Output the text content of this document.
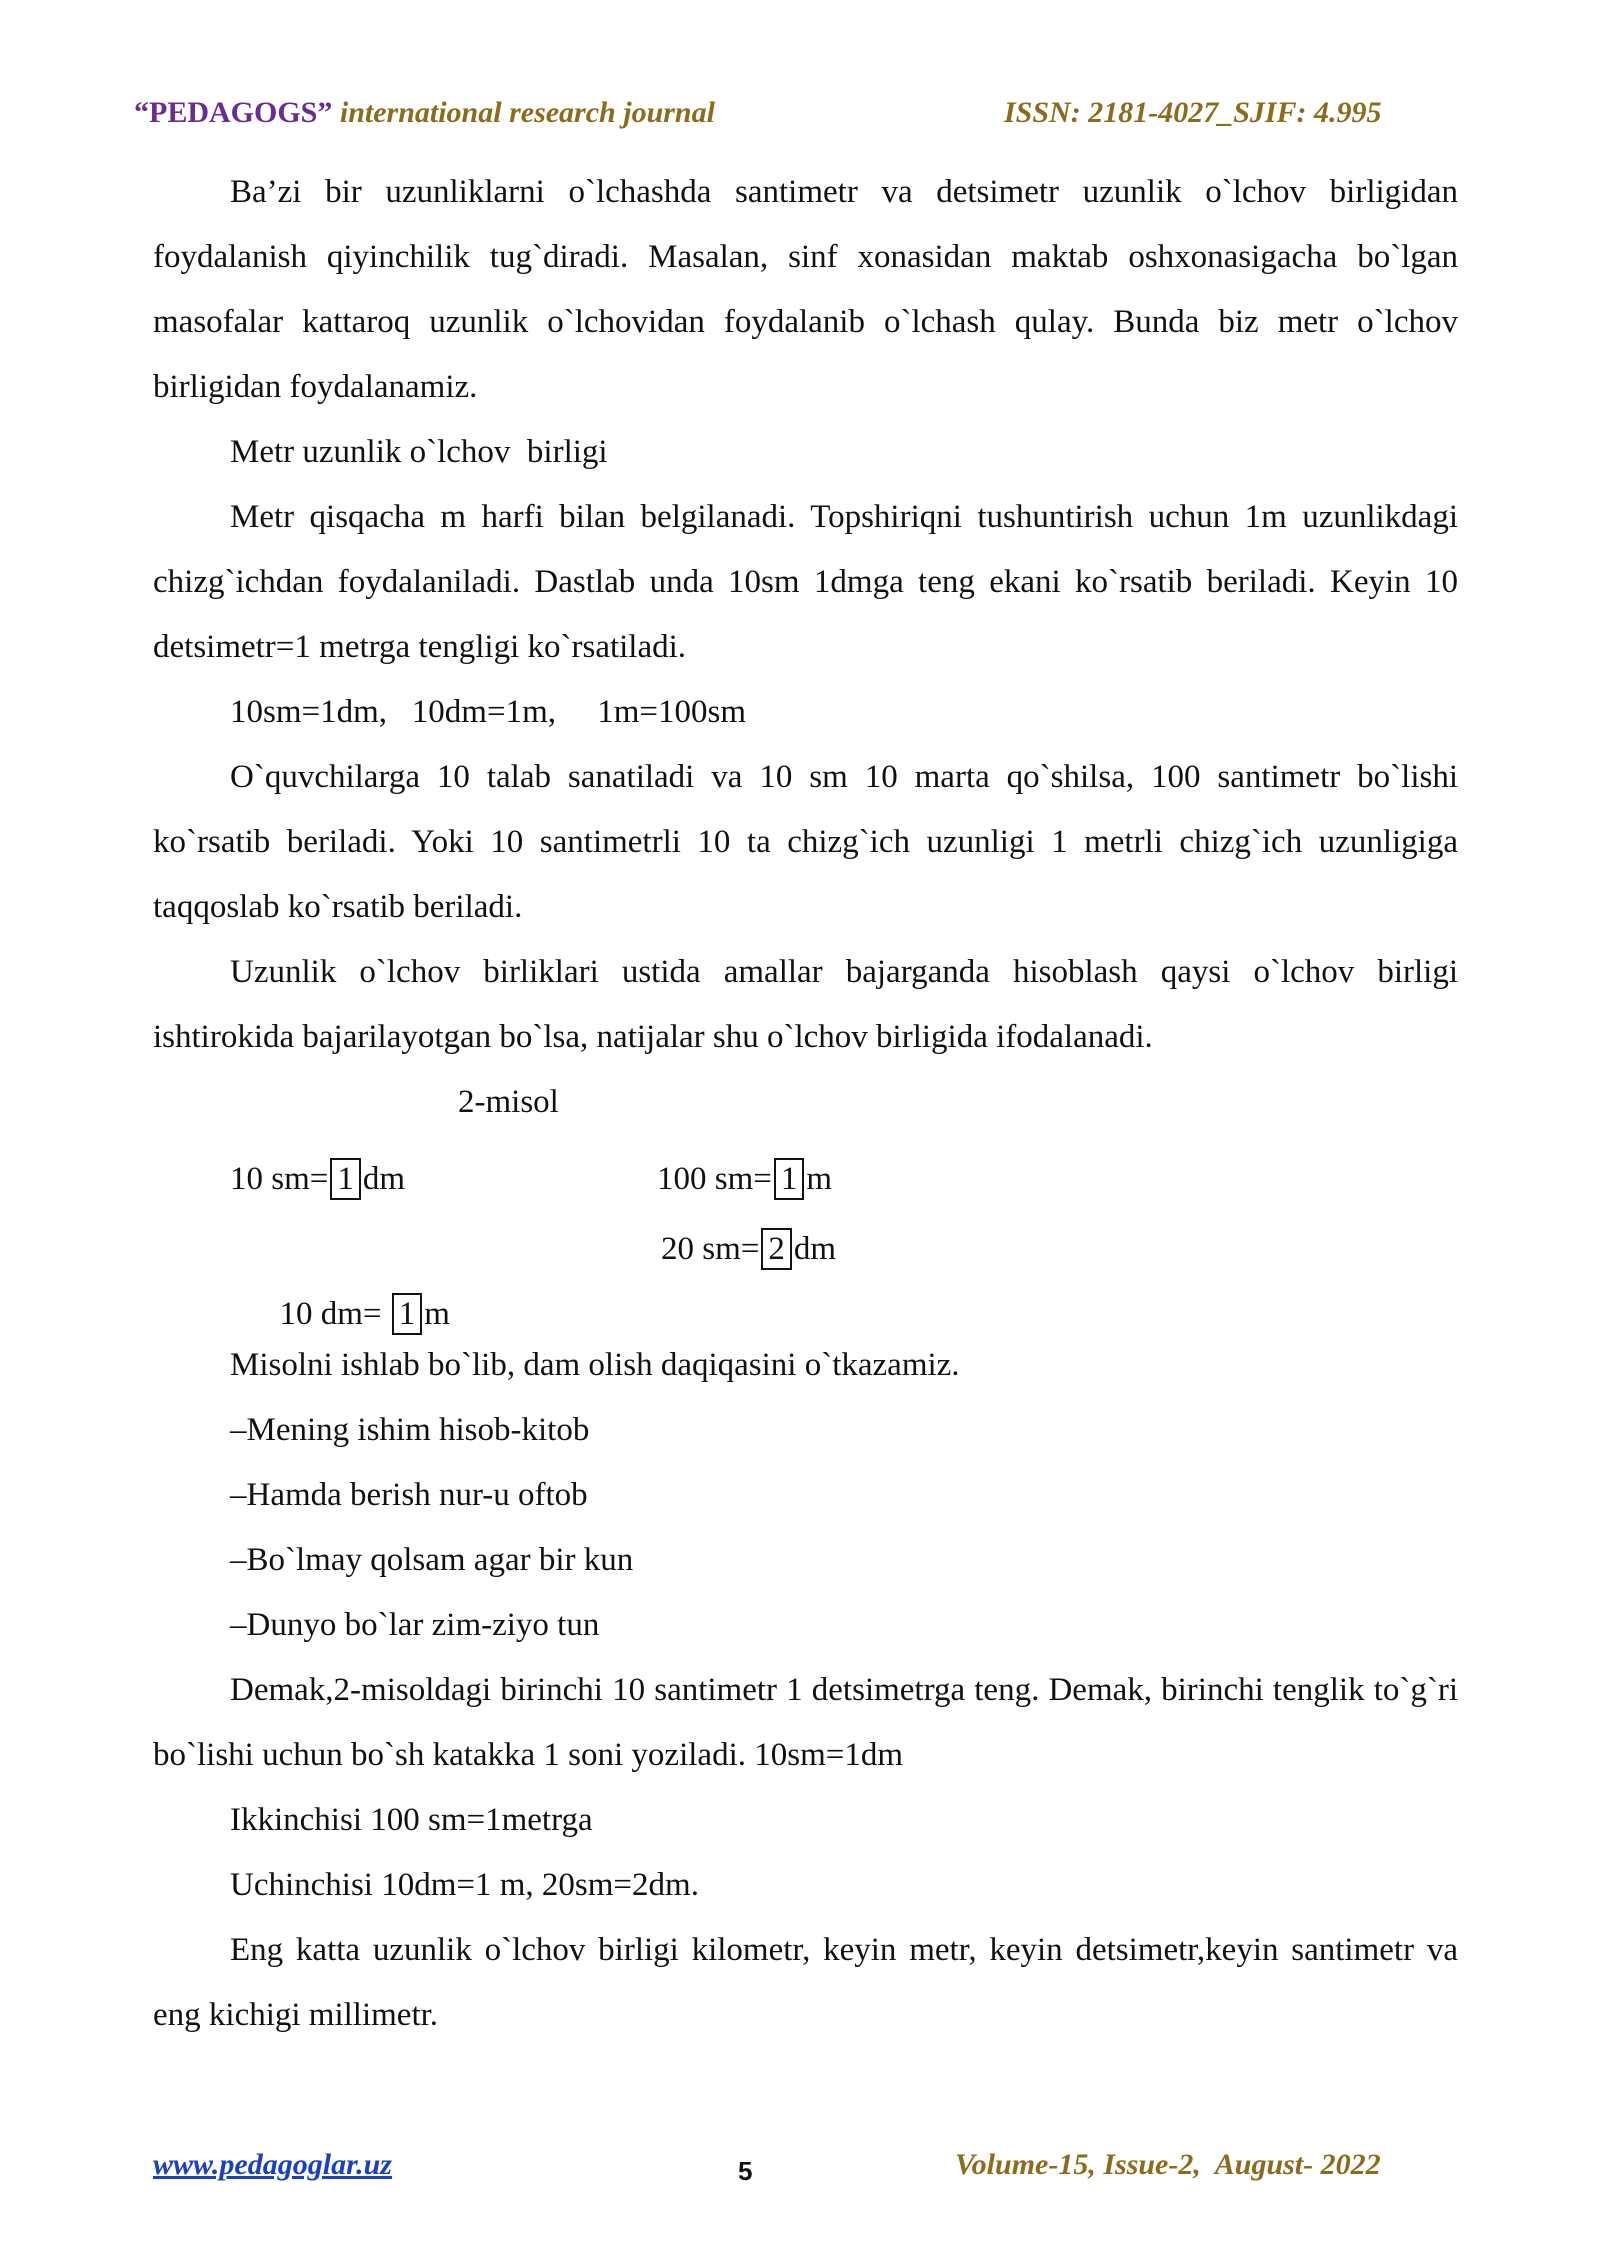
“PEDAGOGS” international research journal	ISSN: 2181-4027_SJIF: 4.995

Ba’zi bir uzunliklarni o`lchashda santimetr va detsimetr uzunlik o`lchov birligidan foydalanish qiyinchilik tug`diradi. Masalan, sinf xonasidan maktab oshxonasigacha bo`lgan masofalar kattaroq uzunlik o`lchovidan foydalanib o`lchash qulay. Bunda biz metr o`lchov birligidan foydalanamiz.

Metr uzunlik o`lchov  birligi

Metr qisqacha m harfi bilan belgilanadi. Topshiriqni tushuntirish uchun 1m uzunlikdagi chizg`ichdan foydalaniladi. Dastlab unda 10sm 1dmga teng ekani ko`rsatib beriladi. Keyin 10 detsimetr=1 metrga tengligi ko`rsatiladi.

10sm=1dm,   10dm=1m,     1m=100sm

O`quvchilarga 10 talab sanatiladi va 10 sm 10 marta qo`shilsa, 100 santimetr bo`lishi ko`rsatib beriladi. Yoki 10 santimetrli 10 ta chizg`ich uzunligi 1 metrli chizg`ich uzunligiga taqqoslab ko`rsatib beriladi.

Uzunlik o`lchov birliklari ustida amallar bajarganda hisoblash qaysi o`lchov birligi ishtirokida bajarilayotgan bo`lsa, natijalar shu o`lchov birligida ifodalanadi.

2-misol

10 sm= 1 dm	100 sm= 1 m

10 dm= 1 m

20 sm= 2 dm

Misolni ishlab bo`lib, dam olish daqiqasini o`tkazamiz.

–Mening ishim hisob-kitob

–Hamda berish nur-u oftob

–Bo`lmay qolsam agar bir kun

–Dunyo bo`lar zim-ziyo tun

Demak,2-misoldagi birinchi 10 santimetr 1 detsimetrga teng. Demak, birinchi tenglik to`g`ri bo`lishi uchun bo`sh katakka 1 soni yoziladi. 10sm=1dm

Ikkinchisi 100 sm=1metrga

Uchinchisi 10dm=1 m, 20sm=2dm.

Eng katta uzunlik o`lchov birligi kilometr, keyin metr, keyin detsimetr,keyin santimetr va eng kichigi millimetr.

www.pedagoglar.uz	5	Volume-15, Issue-2,  August- 2022
